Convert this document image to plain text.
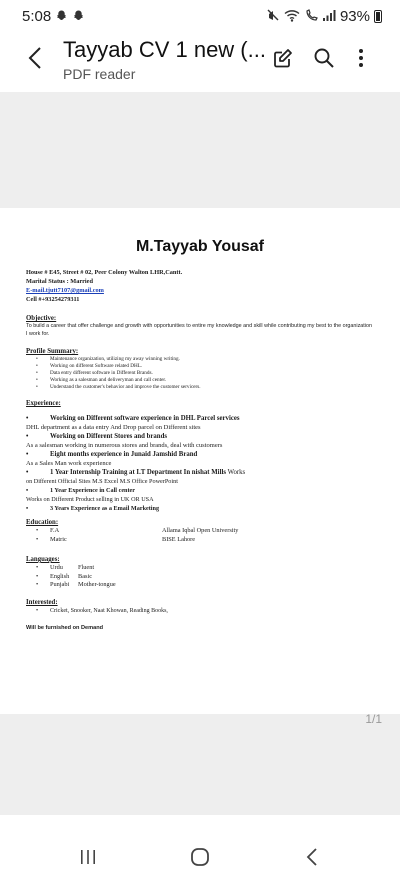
5:08	93%
Tayyab CV 1 new (...
PDF reader
M.Tayyab Yousaf
House # E45, Street # 02, Peer Colony Walton LHR,Cantt.
Marital Status : Married
E-mail.tjutt7107@gmail.com
Cell #+93254279311
Objective:
To build a career that offer challenge and growth with opportunities to entire my knowledge and skill while contributing my best to the organization I work for.
Profile Summary:
• Maintenance organization, utilizing my away winning writing.
• Working on different Software related DHL.
• Data entry different software in Different Brands.
• Working as a salesman and deliveryman and call center.
• Understand the customer's behavior and improve the customer servicers.
Experience:
•	Working on Different software experience in DHL Parcel services
DHL department as a data entry And Drop parcel on Different sites
•	Working on Different Stores and brands
As a salesman working in numerous stores and brands, deal with customers
•	Eight months experience in Junaid Jamshid Brand
As a Sales Man work experience
•	1 Year Internship Training at I.T Department In nishat Mills Works
on Different Official Sites M.S Excel M.S Office PowerPoint
•	1 Year Experience in Call center
Works on Different Product selling in UK OR USA
•	3 Years Experience as a Email Marketing
Education:
• F.A	Allama Iqbal Open University
• Matric	BISE Lahore
Languages:
• Urdu	Fluent
• English	Basic
• Punjabi	Mother-tongue
Interested:
• Cricket, Snooker, Naat Khowan, Reading Books,
Will be furnished on Demand
1/1
